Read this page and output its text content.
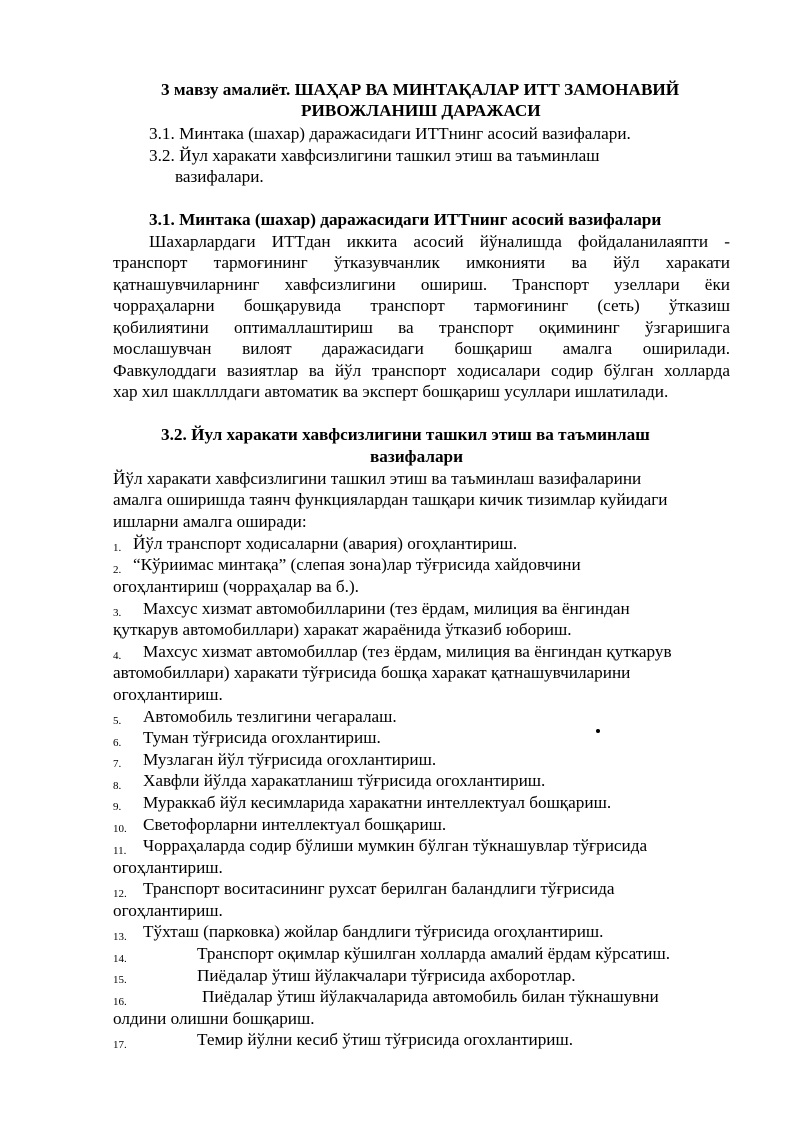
3 мавзу амалиёт. ШАҲАР ВА МИНТАҚАЛАР ИТТ ЗАМОНАВИЙ
РИВОЖЛАНИШ ДАРАЖАСИ
3.1. Минтака (шахар) даражасидаги ИТТнинг асосий вазифалари.
3.2. Йул харакати хавфсизлигини ташкил этиш ва таъминлаш
вазифалари.
3.1. Минтака (шахар) даражасидаги ИТТнинг асосий вазифалари
Шахарлардаги ИТТдан иккита асосий йўналишда фойдаланилаяпти -
транспорт тармоғининг ўтказувчанлик имконияти ва йўл харакати
қатнашувчиларнинг хавфсизлигини ошириш. Транспорт узеллари ёки
чорраҳаларни бошқарувида транспорт тармоғининг (сеть) ўтказиш
қобилиятини оптималлаштириш ва транспорт оқимининг ўзгаришига
мослашувчан вилоят даражасидаги бошқариш амалга оширилади.
Фавкулоддаги вазиятлар ва йўл транспорт ходисалари содир бўлган холларда
хар хил шаклллдаги автоматик ва эксперт бошқариш усуллари ишлатилади.
3.2. Йул харакати хавфсизлигини ташкил этиш ва таъминлаш
вазифалари
Йўл харакати хавфсизлигини ташкил этиш ва таъминлаш вазифаларини
амалга оширишда таянч функциялардан ташқари кичик тизимлар куйидаги
ишларни амалга оширади:
1. Йўл транспорт ходисаларни (авария) огоҳлантириш.
2. “Кўриимас минтақа” (слепая зона)лар тўғрисида хайдовчини
огоҳлантириш (чорраҳалар ва б.).
3. Махсус хизмат автомобилларини (тез ёрдам, милиция ва ёнгиндан
қуткарув автомобиллари) харакат жараёнида ўтказиб юбориш.
4. Махсус хизмат автомобиллар (тез ёрдам, милиция ва ёнгиндан қуткарув
автомобиллари) харакати тўғрисида бошқа харакат қатнашувчиларини
огоҳлантириш.
5. Автомобиль тезлигини чегаралаш.
6. Туман тўғрисида огохлантириш.
7. Музлаган йўл тўғрисида огохлантириш.
8. Хавфли йўлда харакатланиш тўғрисида огохлантириш.
9. Мураккаб йўл кесимларида харакатни интеллектуал бошқариш.
10. Светофорларни интеллектуал бошқариш.
11. Чорраҳаларда содир бўлиши мумкин бўлган тўкнашувлар тўғрисида
огоҳлантириш.
12. Транспорт воситасининг рухсат берилган баландлиги тўғрисида
огоҳлантириш.
13. Тўхташ (парковка) жойлар бандлиги тўғрисида огоҳлантириш.
14.	Транспорт оқимлар кўшилган холларда амалий ёрдам кўрсатиш.
15.	Пиёдалар ўтиш йўлакчалари тўғрисида ахборотлар.
16.	Пиёдалар ўтиш йўлакчаларида автомобиль билан тўкнашувни
олдини олишни бошқариш.
17.	Темир йўлни кесиб ўтиш тўғрисида огохлантириш.
